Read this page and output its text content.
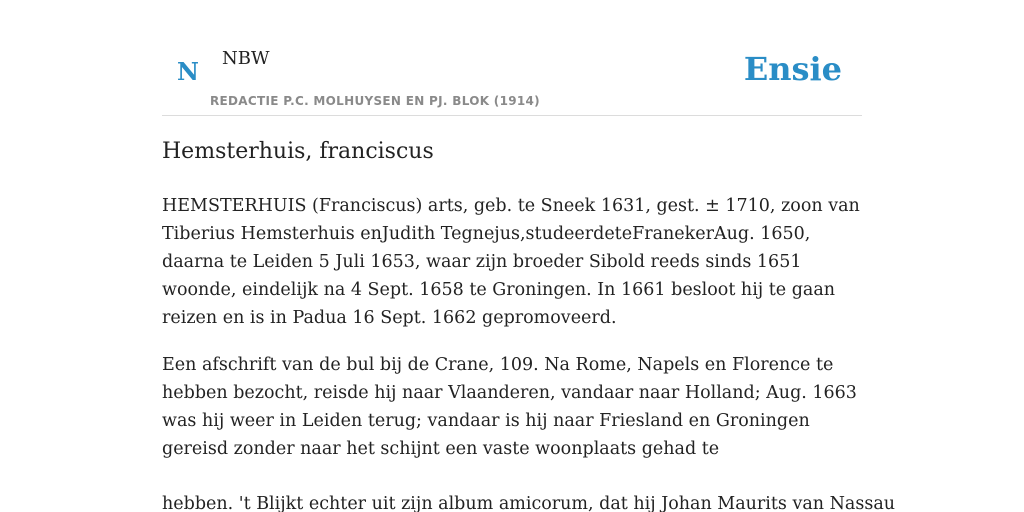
N NBW
REDACTIE P.C. MOLHUYSEN EN PJ. BLOK (1914)
Ensie
Hemsterhuis, franciscus

HEMSTERHUIS (Franciscus) arts, geb. te Sneek 1631, gest. ± 1710, zoon van Tiberius Hemsterhuis enJudith Tegnejus,studeerdeteFranekerAug. 1650, daarna te Leiden 5 Juli 1653, waar zijn broeder Sibold reeds sinds 1651 woonde, eindelijk na 4 Sept. 1658 te Groningen. In 1661 besloot hij te gaan reizen en is in Padua 16 Sept. 1662 gepromoveerd.

Een afschrift van de bul bij de Crane, 109. Na Rome, Napels en Florence te hebben bezocht, reisde hij naar Vlaanderen, vandaar naar Holland; Aug. 1663 was hij weer in Leiden terug; vandaar is hij naar Friesland en Groningen gereisd zonder naar het schijnt een vaste woonplaats gehad te

hebben. 't Blijkt echter uit zijn album amicorum, dat hij Johan Maurits van Nassau
